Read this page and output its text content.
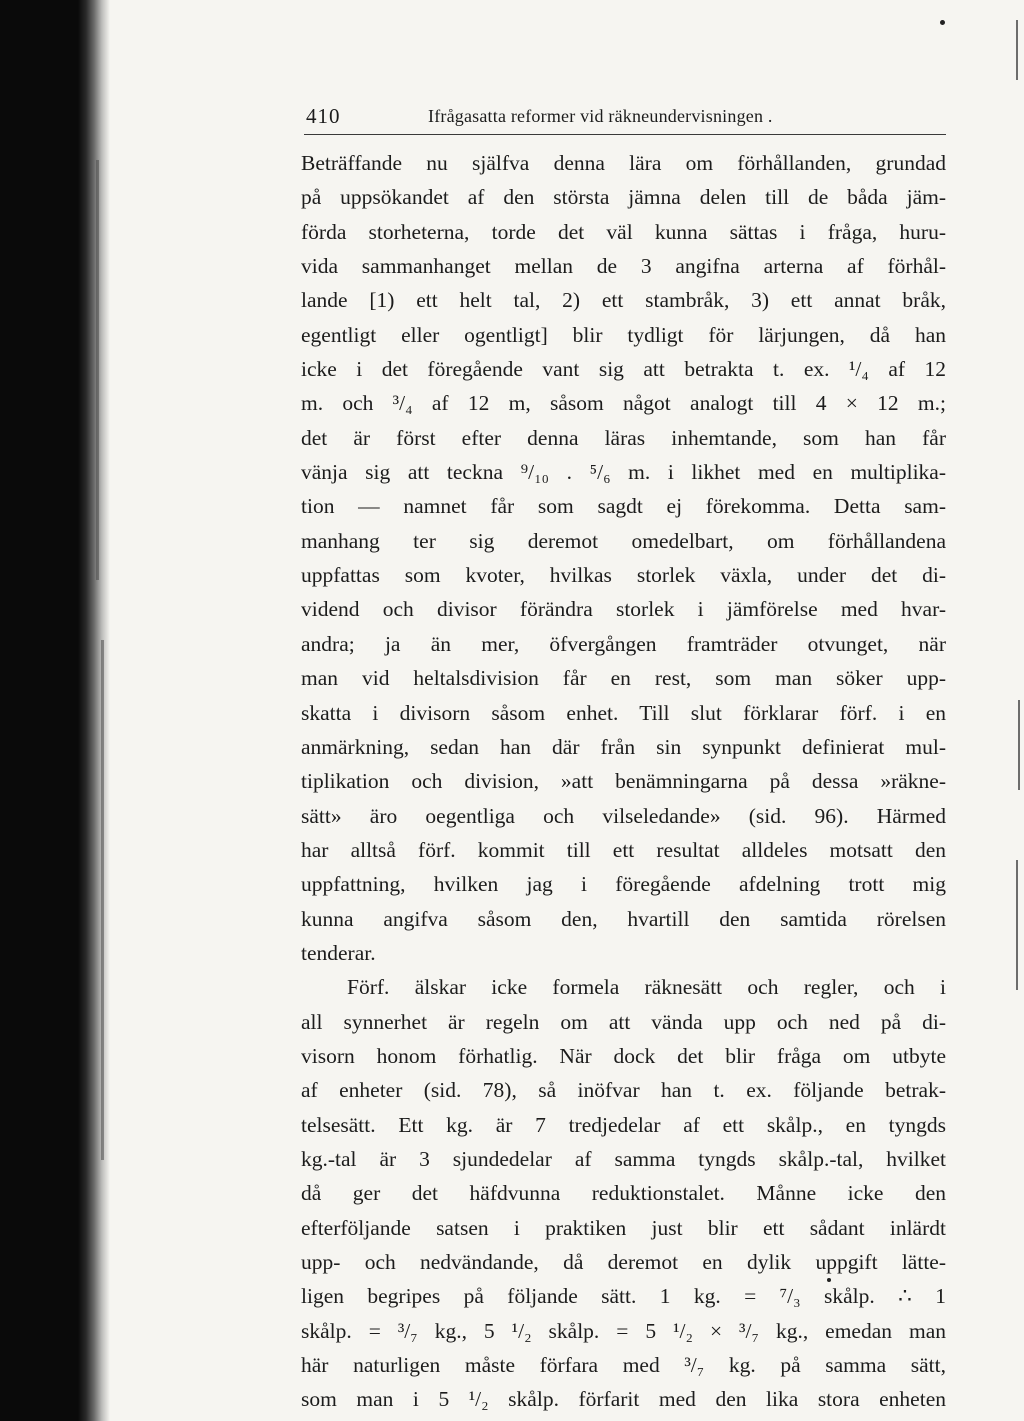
410	Ifrågasatta reformer vid räkneundervisningen .
Beträffande nu själfva denna lära om förhållanden, grundad
på uppsökandet af den största jämna delen till de båda jäm-
förda storheterna, torde det väl kunna sättas i fråga, huru-
vida sammanhanget mellan de 3 angifna arterna af förhål-
lande [1) ett helt tal, 2) ett stambråk, 3) ett annat bråk,
egentligt eller ogentligt] blir tydligt för lärjungen, då han
icke i det föregående vant sig att betrakta t. ex. ¹/₄ af 12
m. och ³/₄ af 12 m, såsom något analogt till 4 × 12 m.;
det är först efter denna läras inhemtande, som han får
vänja sig att teckna ⁹/₁₀ . ⁵/₆ m. i likhet med en multiplika-
tion — namnet får som sagdt ej förekomma. Detta sam-
manhang ter sig deremot omedelbart, om förhållandena
uppfattas som kvoter, hvilkas storlek växla, under det di-
vidend och divisor förändra storlek i jämförelse med hvar-
andra; ja än mer, öfvergången framträder otvunget, när
man vid heltalsdivision får en rest, som man söker upp-
skatta i divisorn såsom enhet. Till slut förklarar förf. i en
anmärkning, sedan han där från sin synpunkt definierat mul-
tiplikation och division, »att benämningarna på dessa »räkne-
sätt» äro oegentliga och vilseledande» (sid. 96). Härmed
har alltså förf. kommit till ett resultat alldeles motsatt den
uppfattning, hvilken jag i föregående afdelning trott mig
kunna angifva såsom den, hvartill den samtida rörelsen
tenderar.
Förf. älskar icke formela räknesätt och regler, och i
all synnerhet är regeln om att vända upp och ned på di-
visorn honom förhatlig. När dock det blir fråga om utbyte
af enheter (sid. 78), så inöfvar han t. ex. följande betrak-
telsesätt. Ett kg. är 7 tredjedelar af ett skålp., en tyngds
kg.-tal är 3 sjundedelar af samma tyngds skålp.-tal, hvilket
då ger det häfdvunna reduktionstalet. Månne icke den
efterföljande satsen i praktiken just blir ett sådant inlärdt
upp- och nedvändande, då deremot en dylik uppgift lätte-
ligen begripes på följande sätt. 1 kg. = ⁷/₃ skålp. ∴ 1
skålp. = ³/₇ kg., 5 ¹/₂ skålp. = 5 ¹/₂ × ³/₇ kg., emedan man
här naturligen måste förfara med ³/₇ kg. på samma sätt,
som man i 5 ¹/₂ skålp. förfarit med den lika stora enheten
